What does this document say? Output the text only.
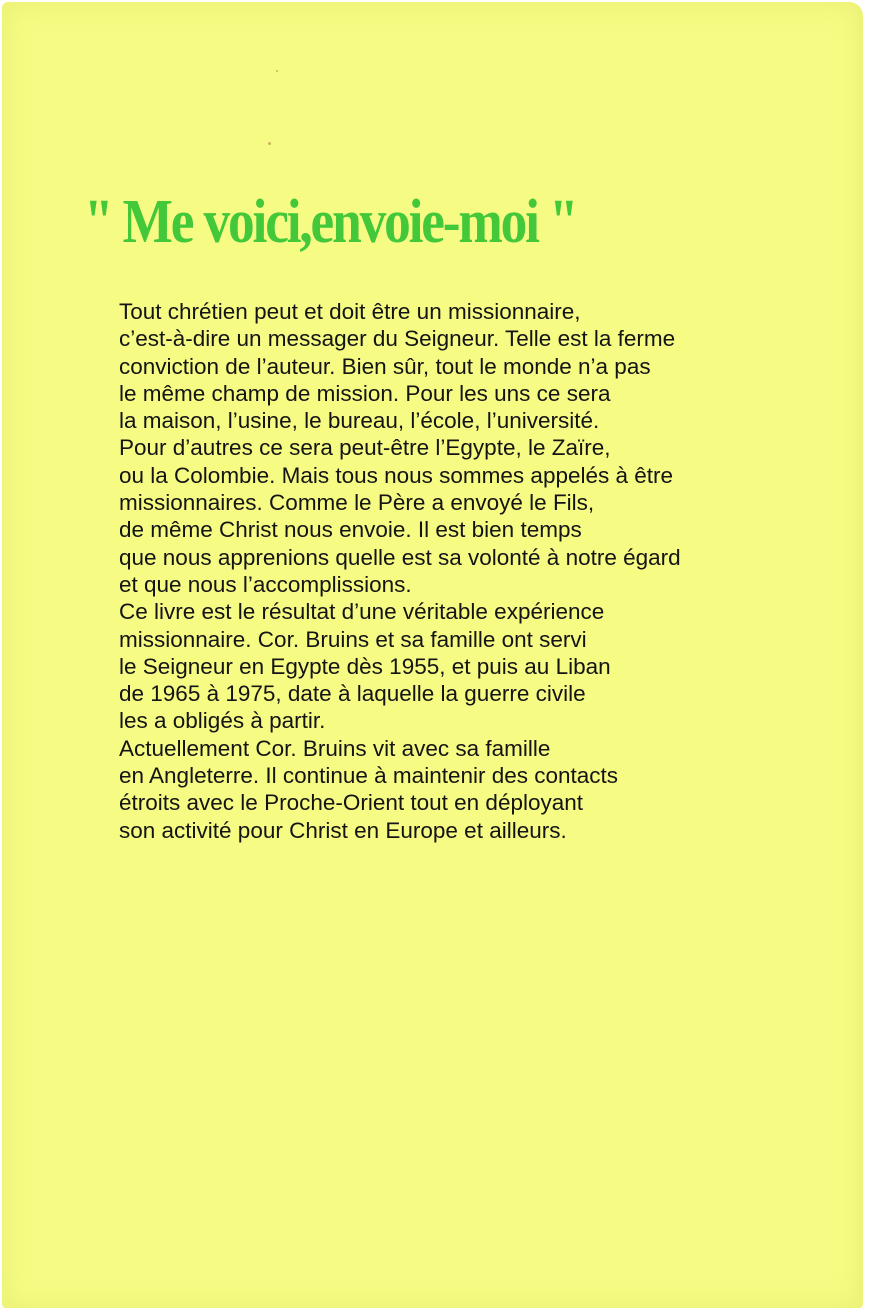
" Me voici,envoie-moi "
Tout chrétien peut et doit être un missionnaire,
c’est-à-dire un messager du Seigneur. Telle est la ferme
conviction de l’auteur. Bien sûr, tout le monde n’a pas
le même champ de mission. Pour les uns ce sera
la maison, l’usine, le bureau, l’école, l’université.
Pour d’autres ce sera peut-être l’Egypte, le Zaïre,
ou la Colombie. Mais tous nous sommes appelés à être
missionnaires. Comme le Père a envoyé le Fils,
de même Christ nous envoie. Il est bien temps
que nous apprenions quelle est sa volonté à notre égard
et que nous l’accomplissions.
Ce livre est le résultat d’une véritable expérience
missionnaire. Cor. Bruins et sa famille ont servi
le Seigneur en Egypte dès 1955, et puis au Liban
de 1965 à 1975, date à laquelle la guerre civile
les a obligés à partir.
Actuellement Cor. Bruins vit avec sa famille
en Angleterre. Il continue à maintenir des contacts
étroits avec le Proche-Orient tout en déployant
son activité pour Christ en Europe et ailleurs.
